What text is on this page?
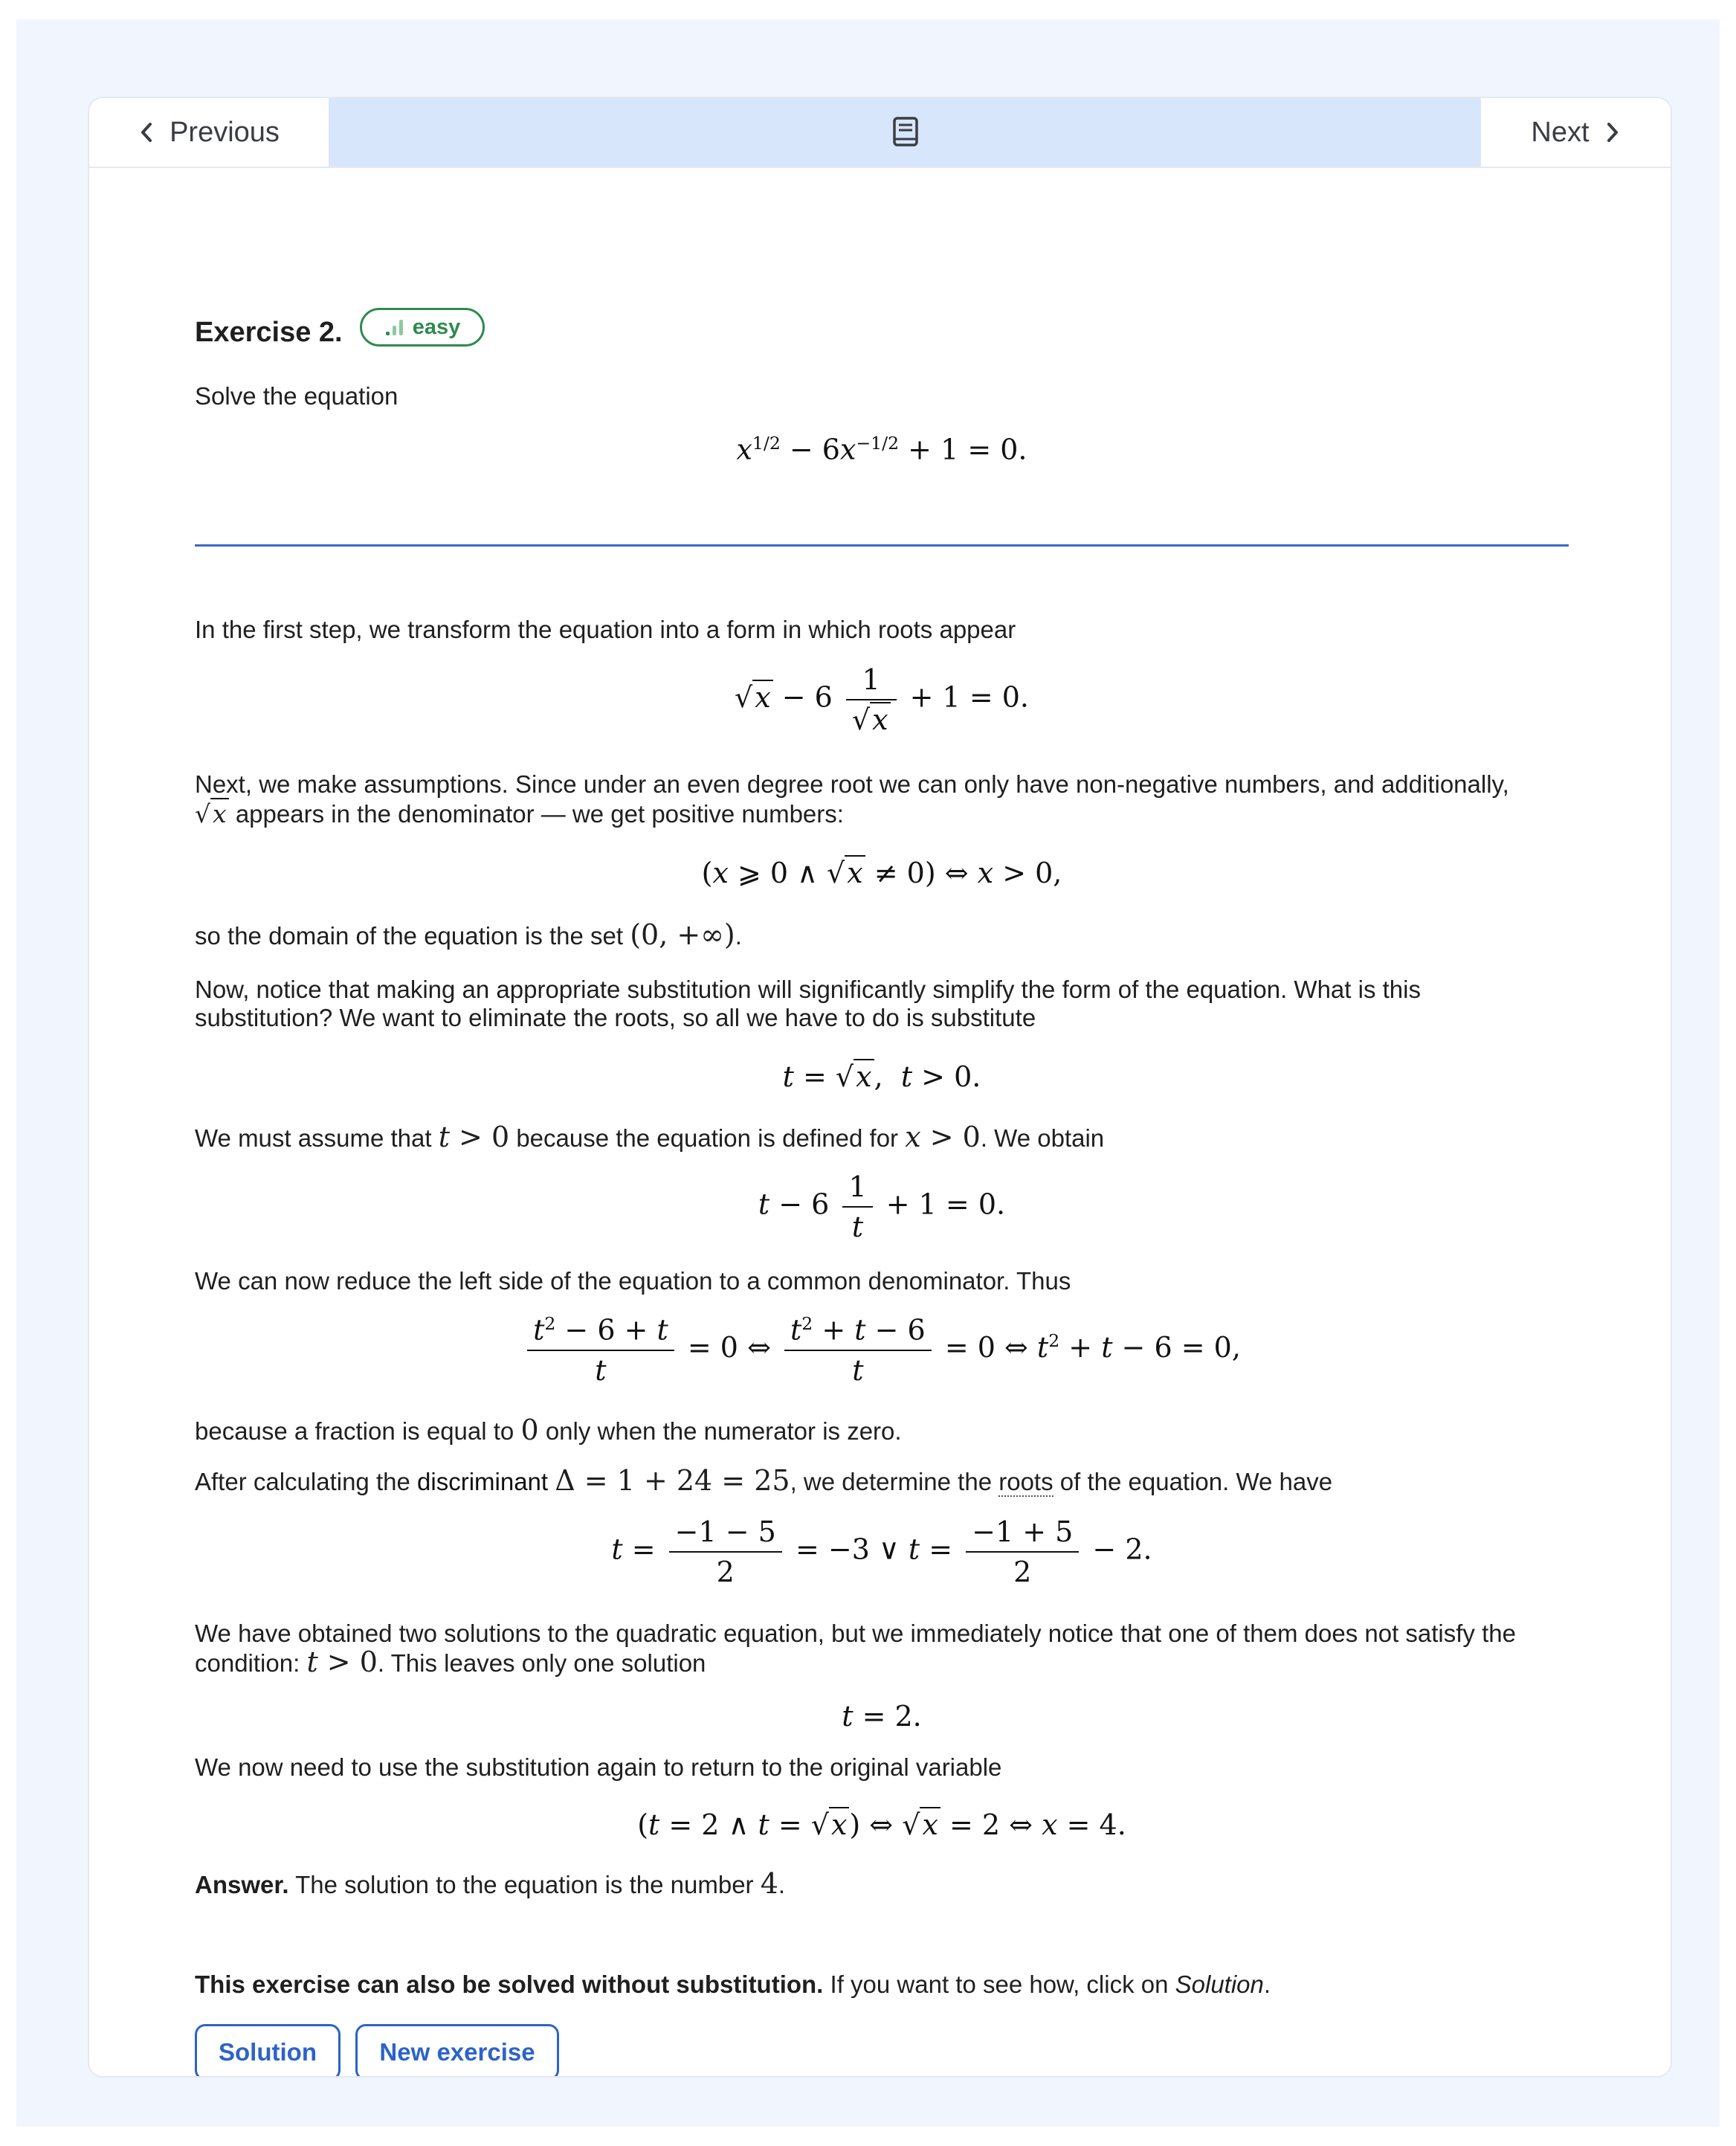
Previous	Next
Exercise 2.	easy
Solve the equation
$x^{1/2} - 6x^{-1/2} + 1 = 0$.
In the first step, we transform the equation into a form in which roots appear
$√x - 6 \frac{1}{√x} + 1 = 0$.
Next, we make assumptions. Since under an even degree root we can only have non-negative numbers, and additionally,
√x appears in the denominator — we get positive numbers:
(x ⩾ 0 ∧ √x ≠ 0) ⇔ x > 0,
so the domain of the equation is the set (0, +∞).
Now, notice that making an appropriate substitution will significantly simplify the form of the equation. What is this
substitution? We want to eliminate the roots, so all we have to do is substitute
t = √x,  t > 0.
We must assume that t > 0 because the equation is defined for x > 0. We obtain
$t - 6 \frac{1}{t} + 1 = 0$.
We can now reduce the left side of the equation to a common denominator. Thus
$\frac{t^2 - 6 + t}{t} = 0$ ⇔ $\frac{t^2 + t - 6}{t} = 0$ ⇔ $t^2 + t - 6 = 0$,
because a fraction is equal to 0 only when the numerator is zero.
After calculating the discriminant Δ = 1 + 24 = 25, we determine the roots of the equation. We have
$t = \frac{-1 - 5}{2} = -3$ ∨ $t = \frac{-1 + 5}{2} - 2$.
We have obtained two solutions to the quadratic equation, but we immediately notice that one of them does not satisfy the
condition: t > 0. This leaves only one solution
t = 2.
We now need to use the substitution again to return to the original variable
(t = 2 ∧ t = √x) ⇔ √x = 2 ⇔ x = 4.
Answer. The solution to the equation is the number 4.
This exercise can also be solved without substitution. If you want to see how, click on Solution.
Solution	New exercise
